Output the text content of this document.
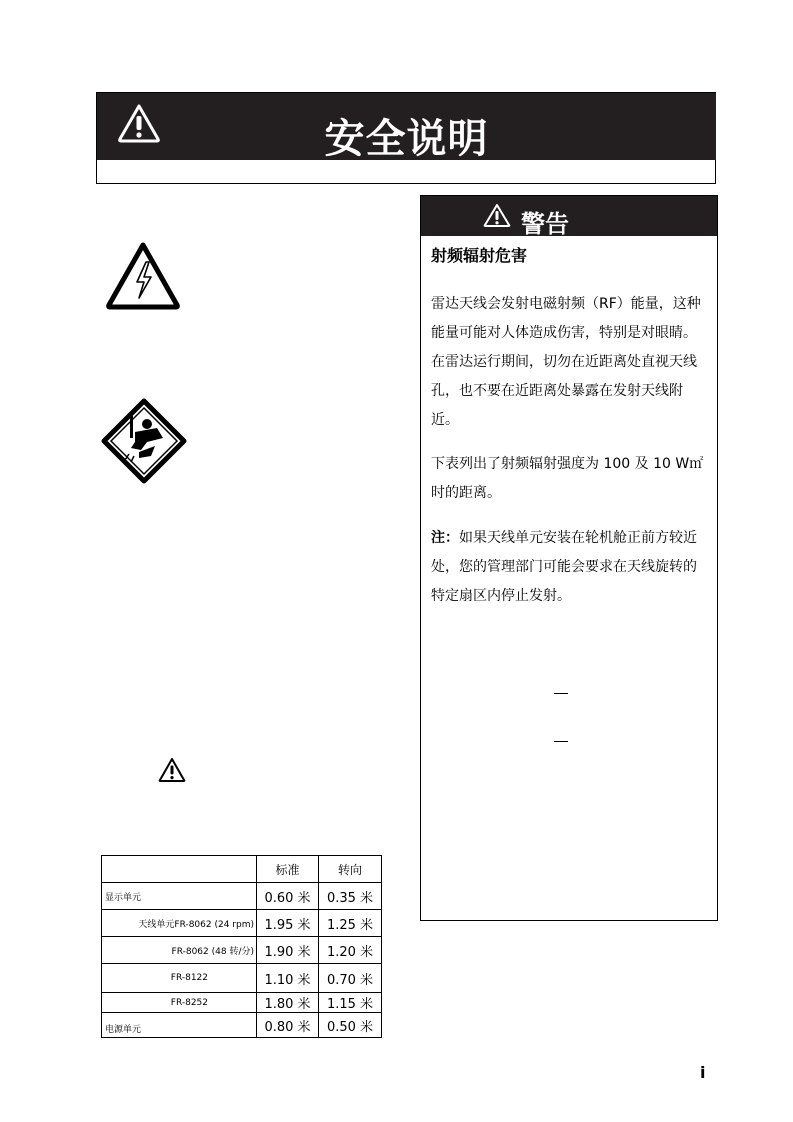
安全说明
警告
射频辐射危害
雷达天线会发射电磁射频（RF）能量，这种能量可能对人体造成伤害，特别是对眼睛。在雷达运行期间，切勿在近距离处直视天线孔，也不要在近距离处暴露在发射天线附近。
下表列出了射频辐射强度为 100 及 10 W㎡ 时的距离。
注：如果天线单元安装在轮机舱正前方较近处，您的管理部门可能会要求在天线旋转的特定扇区内停止发射。
	标准	转向
显示单元	0.60 米	0.35 米
天线单元FR-8062 (24 rpm)	1.95 米	1.25 米
FR-8062 (48 转/分)	1.90 米	1.20 米
FR-8122	1.10 米	0.70 米
FR-8252	1.80 米	1.15 米
电源单元	0.80 米	0.50 米
i
